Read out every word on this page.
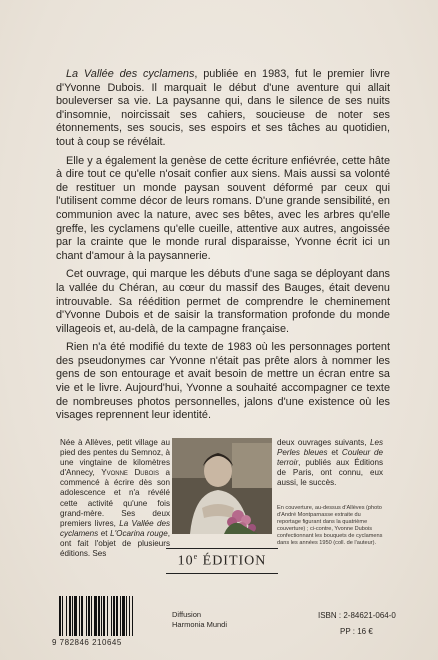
La Vallée des cyclamens, publiée en 1983, fut le premier livre d'Yvonne Dubois. Il marquait le début d'une aventure qui allait bouleverser sa vie. La paysanne qui, dans le silence de ses nuits d'insomnie, noircissait ses cahiers, soucieuse de noter ses étonnements, ses soucis, ses espoirs et ses tâches au quotidien, tout à coup se révélait.

Elle y a également la genèse de cette écriture enfiévrée, cette hâte à dire tout ce qu'elle n'osait confier aux siens. Mais aussi sa volonté de restituer un monde paysan souvent déformé par ceux qui l'utilisent comme décor de leurs romans. D'une grande sensibilité, en communion avec la nature, avec ses bêtes, avec les arbres qu'elle greffe, les cyclamens qu'elle cueille, attentive aux autres, angoissée par la crainte que le monde rural disparaisse, Yvonne écrit ici un chant d'amour à la paysannerie.

Cet ouvrage, qui marque les débuts d'une saga se déployant dans la vallée du Chéran, au cœur du massif des Bauges, était devenu introuvable. Sa réédition permet de comprendre le cheminement d'Yvonne Dubois et de saisir la transformation profonde du monde villageois et, au-delà, de la campagne française.

Rien n'a été modifié du texte de 1983 où les personnages portent des pseudonymes car Yvonne n'était pas prête alors à nommer les gens de son entourage et avait besoin de mettre un écran entre sa vie et le livre. Aujourd'hui, Yvonne a souhaité accompagner ce texte de nombreuses photos personnelles, jalons d'une existence où les visages reprennent leur identité.

Née à Allèves, petit village au pied des pentes du Semnoz, à une vingtaine de kilomètres d'Annecy, Yvonne Dubois a commencé à écrire dès son adolescence et n'a révélé cette activité qu'une fois grand-mère. Ses deux premiers livres, La Vallée des cyclamens et L'Ocarina rouge, ont fait l'objet de plusieurs éditions. Ses
deux ouvrages suivants, Les Perles bleues et Couleur de terroir, publiés aux Éditions de Paris, ont connu, eux aussi, le succès.
En couverture, au-dessus d'Allèves (photo d'André Montparnasse extraite du reportage figurant dans la quatrième couverture) ; ci-contre, Yvonne Dubois confectionnant les bouquets de cyclamens dans les années 1950 (coll. de l'auteur).
10e ÉDITION
9 782846 210645
Diffusion
Harmonia Mundi
ISBN : 2-84621-064-0
PP : 16 €
